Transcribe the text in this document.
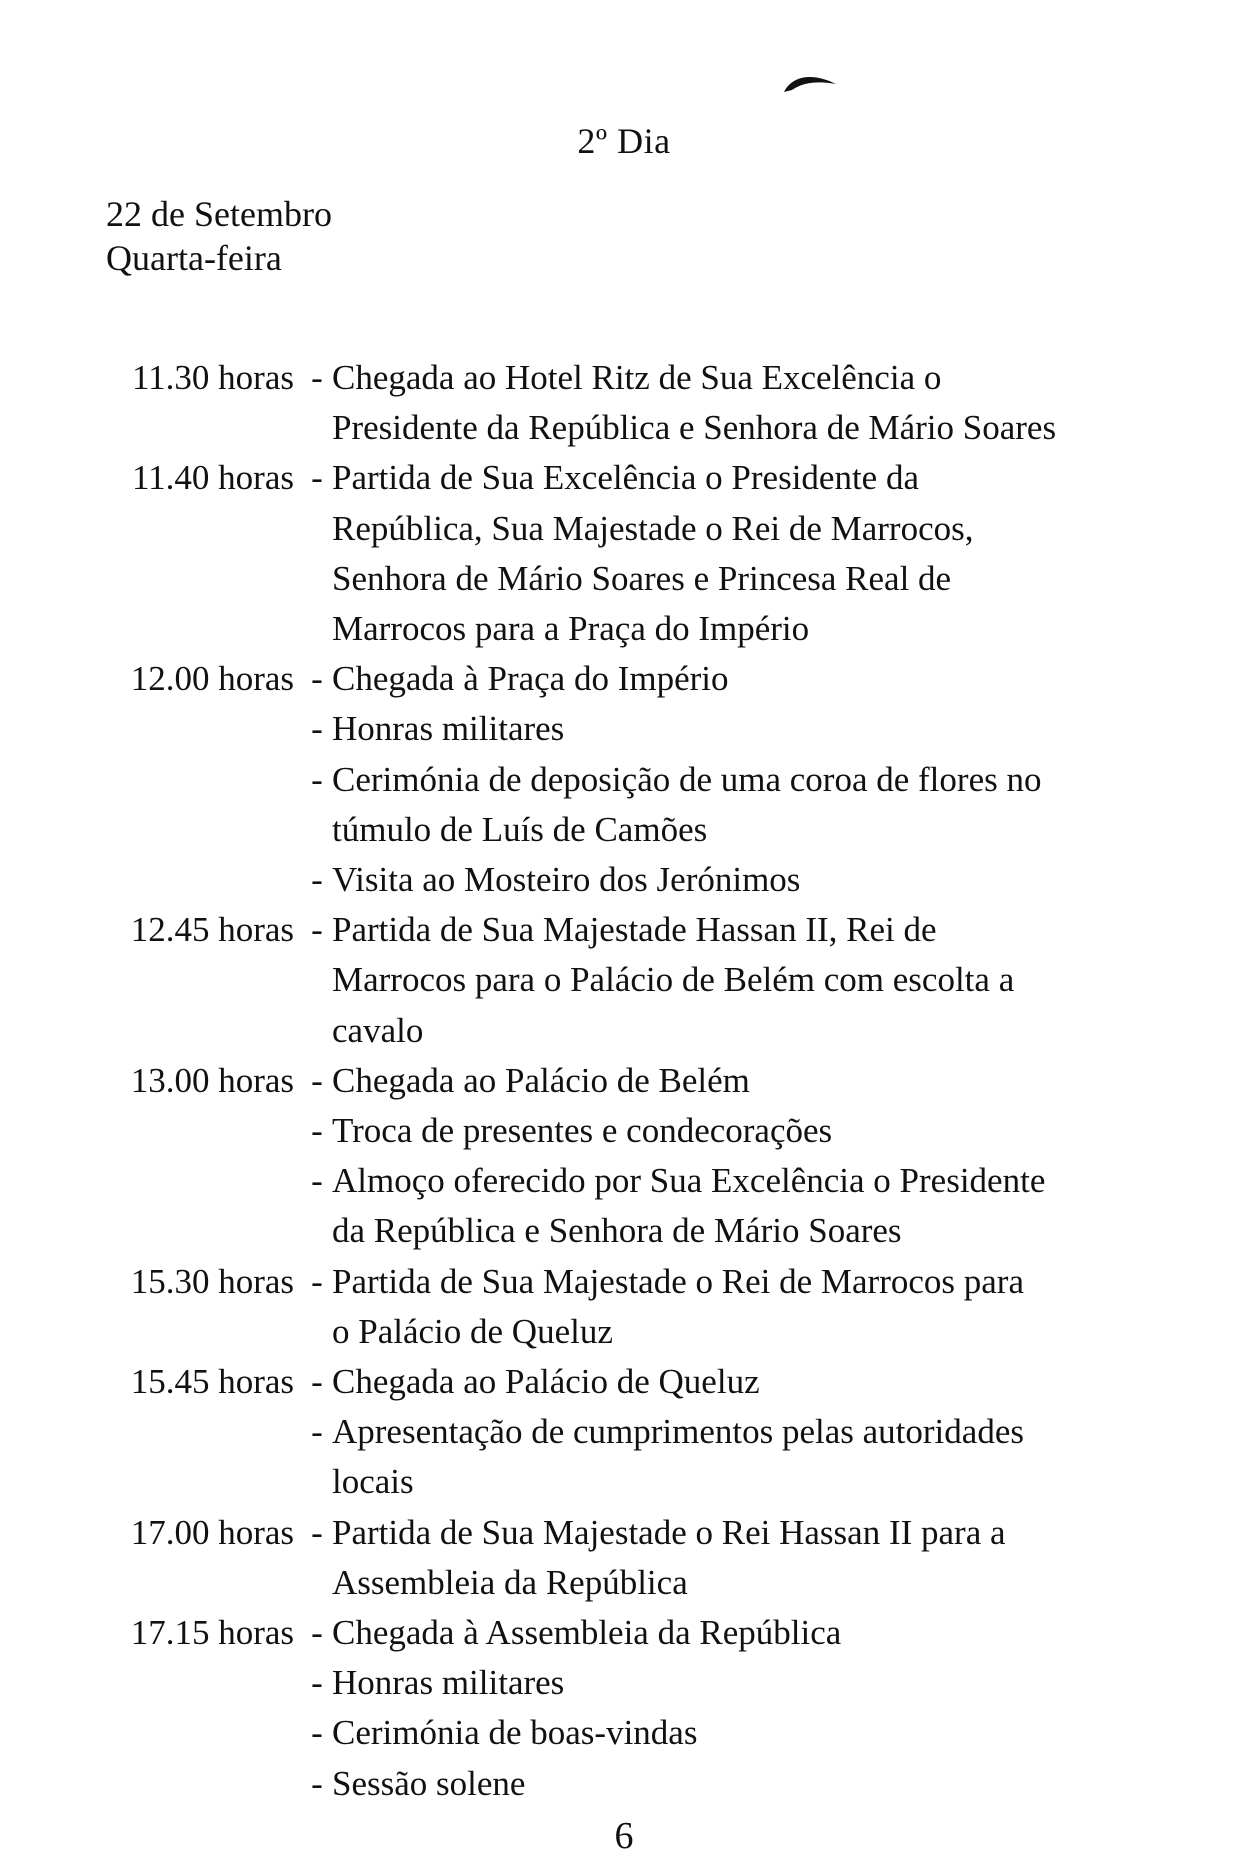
2º Dia
22 de Setembro
Quarta-feira
11.30 horas - Chegada ao Hotel Ritz de Sua Excelência o
Presidente da República e Senhora de Mário Soares
11.40 horas - Partida de Sua Excelência o Presidente da
República, Sua Majestade o Rei de Marrocos,
Senhora de Mário Soares e Princesa Real de
Marrocos para a Praça do Império
12.00 horas - Chegada à Praça do Império
- Honras militares
- Cerimónia de deposição de uma coroa de flores no
túmulo de Luís de Camões
- Visita ao Mosteiro dos Jerónimos
12.45 horas - Partida de Sua Majestade Hassan II, Rei de
Marrocos para o Palácio de Belém com escolta a
cavalo
13.00 horas - Chegada ao Palácio de Belém
- Troca de presentes e condecorações
- Almoço oferecido por Sua Excelência o Presidente
da República e Senhora de Mário Soares
15.30 horas - Partida de Sua Majestade o Rei de Marrocos para
o Palácio de Queluz
15.45 horas - Chegada ao Palácio de Queluz
- Apresentação de cumprimentos pelas autoridades
locais
17.00 horas - Partida de Sua Majestade o Rei Hassan II para a
Assembleia da República
17.15 horas - Chegada à Assembleia da República
- Honras militares
- Cerimónia de boas-vindas
- Sessão solene
6
